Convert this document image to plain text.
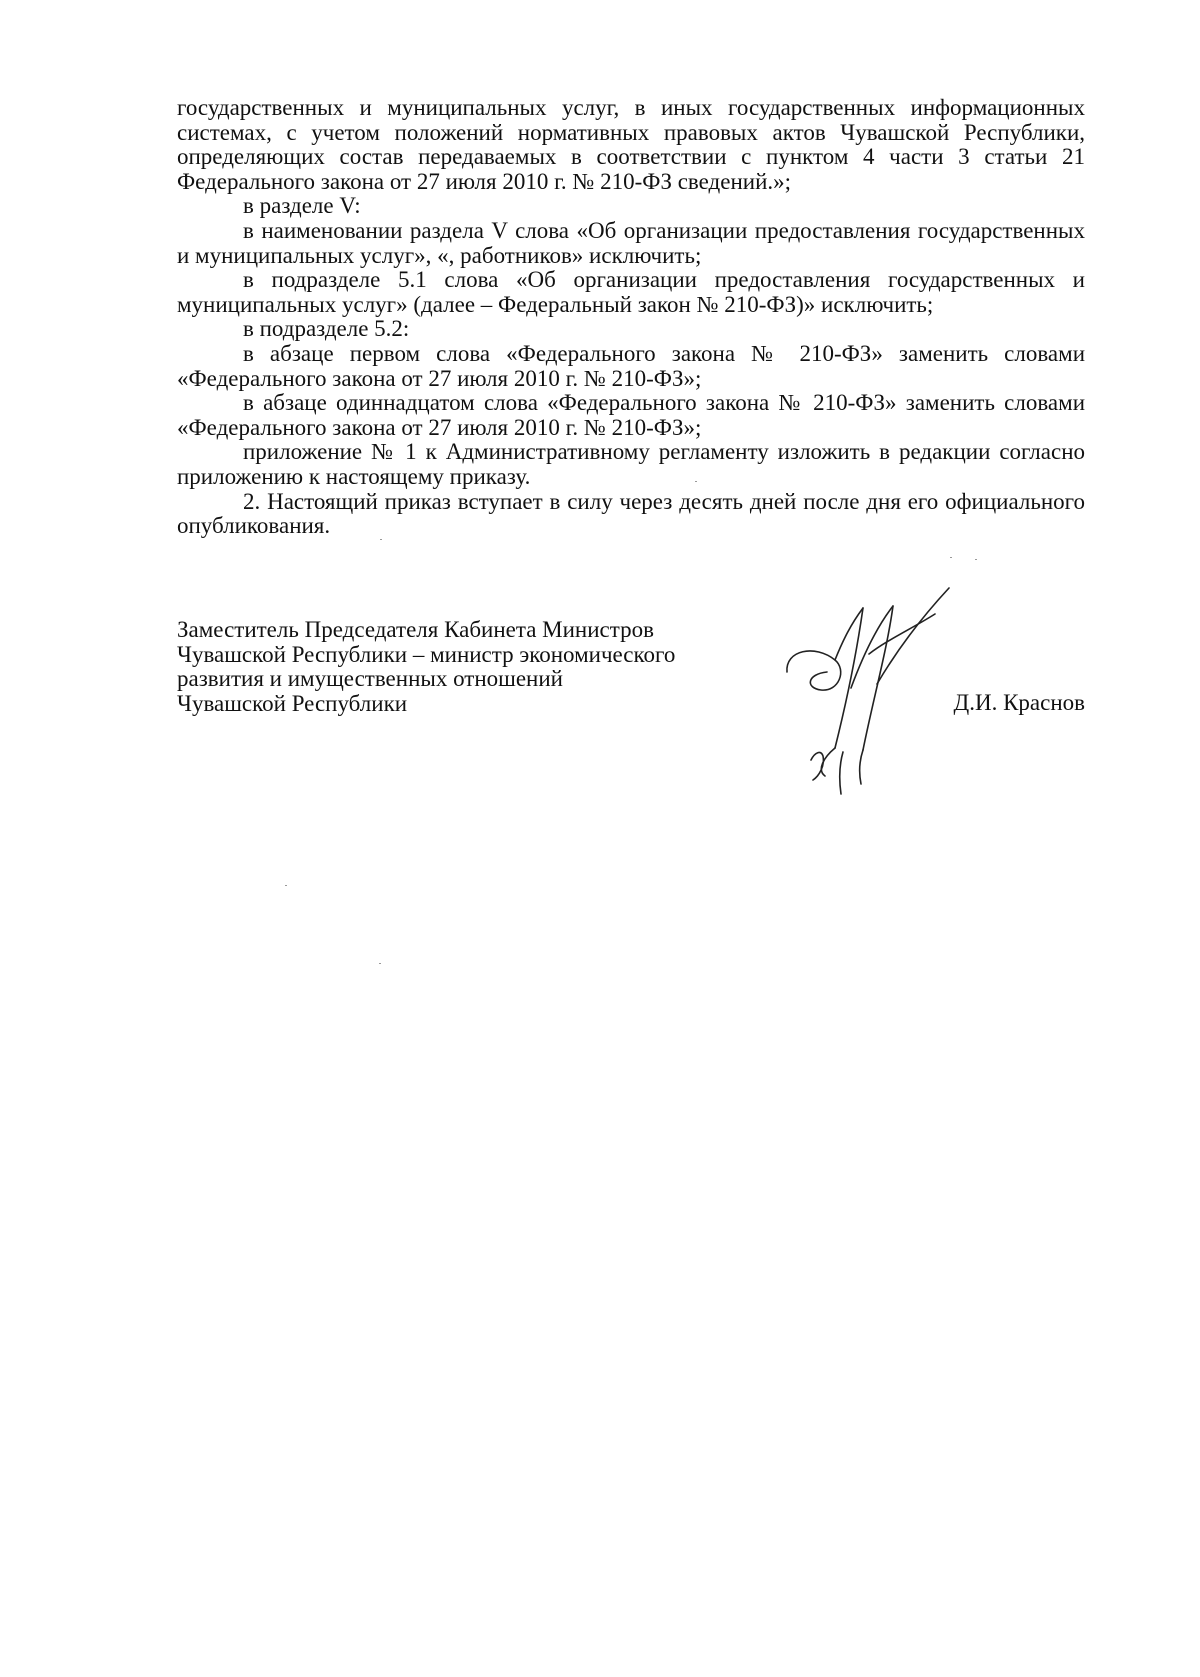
государственных и муниципальных услуг, в иных государственных информационных системах, с учетом положений нормативных правовых актов Чувашской Республики, определяющих состав передаваемых в соответствии с пунктом 4 части 3 статьи 21 Федерального закона от 27 июля 2010 г. № 210-ФЗ сведений.»;

в разделе V:

в наименовании раздела V слова «Об организации предоставления государственных и муниципальных услуг», «, работников» исключить;

в подразделе 5.1 слова «Об организации предоставления государственных и муниципальных услуг» (далее – Федеральный закон № 210-ФЗ)» исключить;

в подразделе 5.2:

в абзаце первом слова «Федерального закона № 210-ФЗ» заменить словами «Федерального закона от 27 июля 2010 г. № 210-ФЗ»;

в абзаце одиннадцатом слова «Федерального закона № 210-ФЗ» заменить словами «Федерального закона от 27 июля 2010 г. № 210-ФЗ»;

приложение № 1 к Административному регламенту изложить в редакции согласно приложению к настоящему приказу.

2. Настоящий приказ вступает в силу через десять дней после дня его официального опубликования.

Заместитель Председателя Кабинета Министров
Чувашской Республики – министр экономического
развития и имущественных отношений
Чувашской Республики	Д.И. Краснов
